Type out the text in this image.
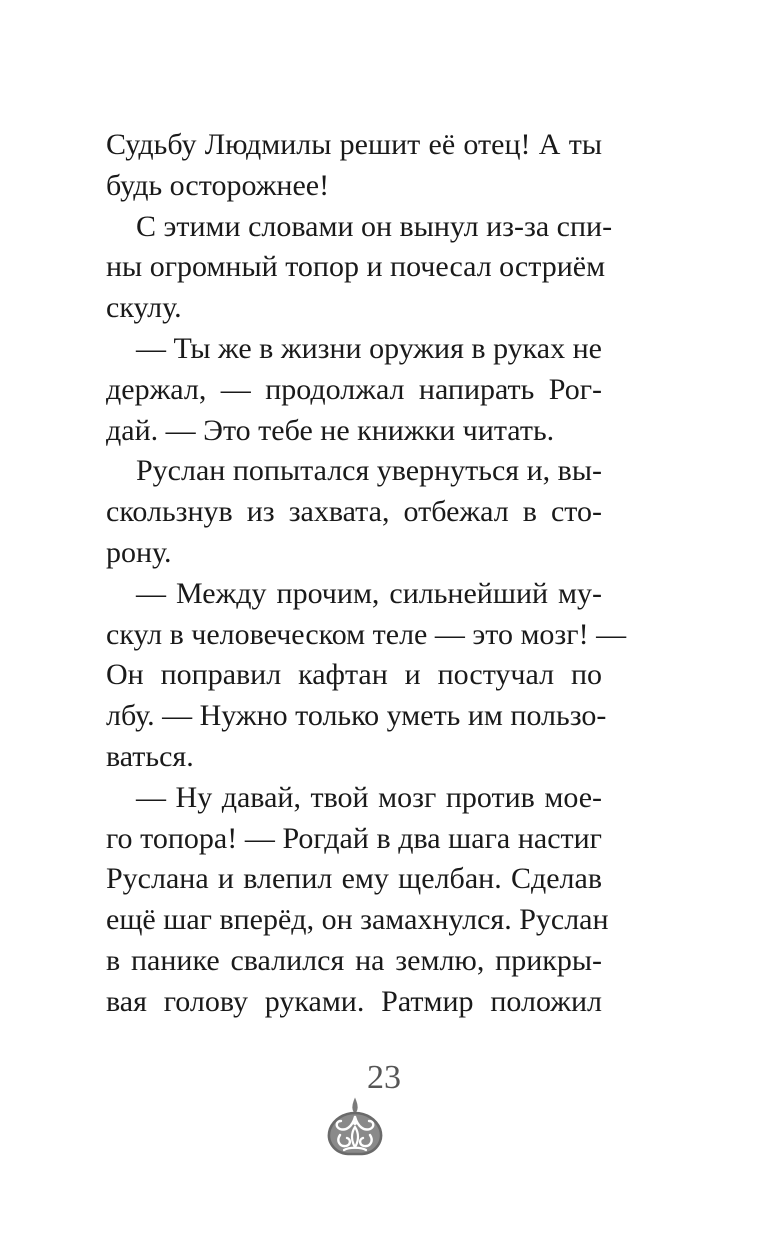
Судьбу Людмилы решит её отец! А ты
будь осторожнее!
С этими словами он вынул из-за спи-
ны огромный топор и почесал остриём
скулу.
— Ты же в жизни оружия в руках не
держал, — продолжал напирать Рог-
дай. — Это тебе не книжки читать.
Руслан попытался увернуться и, вы-
скользнув из захвата, отбежал в сто-
рону.
— Между прочим, сильнейший му-
скул в человеческом теле — это мозг! —
Он поправил кафтан и постучал по
лбу. — Нужно только уметь им пользо-
ваться.
— Ну давай, твой мозг против мое-
го топора! — Рогдай в два шага настиг
Руслана и влепил ему щелбан. Сделав
ещё шаг вперёд, он замахнулся. Руслан
в панике свалился на землю, прикры-
вая голову руками. Ратмир положил
23
